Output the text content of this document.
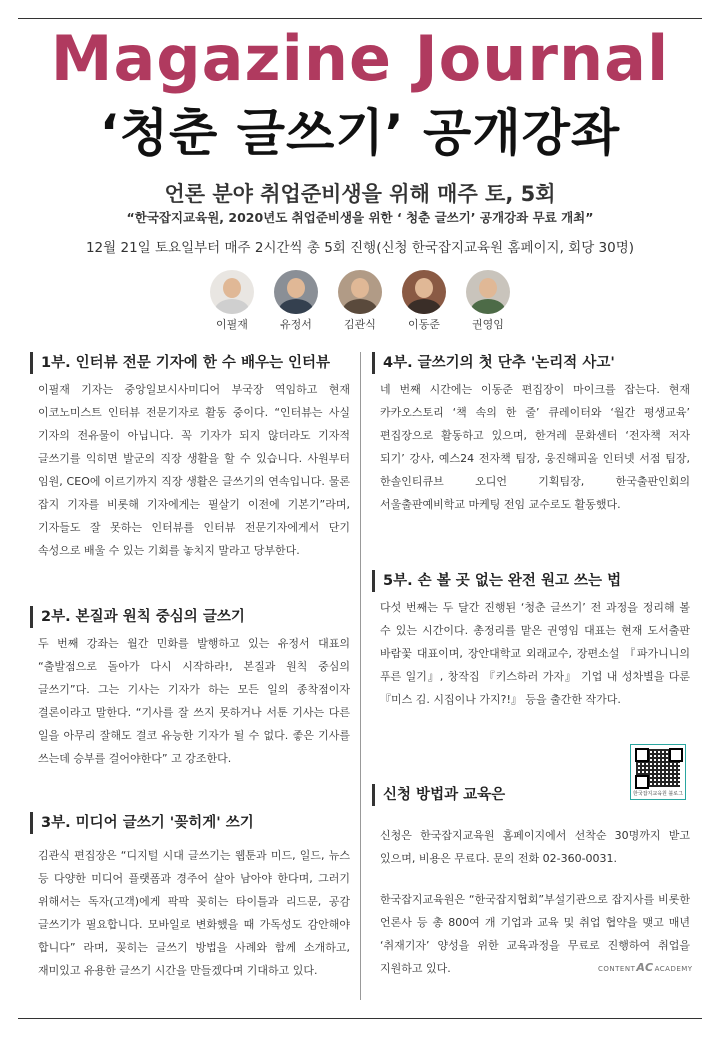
Magazine Journal
‘청춘 글쓰기’ 공개강좌
언론 분야 취업준비생을 위해 매주 토, 5회
“한국잡지교육원, 2020년도 취업준비생을 위한 ‘ 청춘 글쓰기’ 공개강좌 무료 개최”
12월 21일 토요일부터 매주 2시간씩 총 5회 진행(신청 한국잡지교육원 홈페이지, 회당 30명)
이필재	유정서	김관식	이동준	권영임
1부. 인터뷰 전문 기자에 한 수 배우는 인터뷰
이필재 기자는 중앙일보시사미디어 부국장 역임하고 현재 이코노미스트 인터뷰 전문기자로 활동 중이다. “인터뷰는 사실 기자의 전유물이 아닙니다. 꼭 기자가 되지 않더라도 기자적 글쓰기를 익히면 발군의 직장 생활을 할 수 있습니다. 사원부터 임원, CEO에 이르기까지 직장 생활은 글쓰기의 연속입니다. 물론 잡지 기자를 비롯해 기자에게는 필살기 이전에 기본기”라며, 기자들도 잘 못하는 인터뷰를 인터뷰 전문기자에게서 단기 속성으로 배울 수 있는 기회를 놓치지 말라고 당부한다.
2부. 본질과 원칙 중심의 글쓰기
두 번째 강좌는 월간 민화를 발행하고 있는 유정서 대표의 “출발점으로 돌아가 다시 시작하라!, 본질과 원칙 중심의 글쓰기”다. 그는 기사는 기자가 하는 모든 일의 종착점이자 결론이라고 말한다. “기사를 잘 쓰지 못하거나 서툰 기사는 다른 일을 아무리 잘해도 결코 유능한 기자가 될 수 없다. 좋은 기사를 쓰는데 승부를 걸어야한다” 고 강조한다.
3부. 미디어 글쓰기 '꽂히게' 쓰기
김관식 편집장은 “디지털 시대 글쓰기는 웹툰과 미드, 일드, 뉴스 등 다양한 미디어 플랫폼과 경주어 살아 남아야 한다며, 그러기 위해서는 독자(고객)에게 팍팍 꽂히는 타이틀과 리드문, 공감 글쓰기가 필요합니다. 모바일로 변화했을 때 가독성도 감안해야 합니다” 라며, 꽂히는 글쓰기 방법을 사례와 함께 소개하고, 재미있고 유용한 글쓰기 시간을 만들겠다며 기대하고 있다.
4부. 글쓰기의 첫 단추 '논리적 사고'
네 번째 시간에는 이동준 편집장이 마이크를 잡는다. 현재 카카오스토리 ‘책 속의 한 줄’ 큐레이터와 ‘월간 평생교육’ 편집장으로 활동하고 있으며, 한겨레 문화센터 ‘전자책 저자 되기’ 강사, 예스24 전자책 팀장, 웅진해피올 인터넷 서점 팀장, 한솔인티큐브 오디언 기획팀장, 한국출판인회의 서울출판예비학교 마케팅 전임 교수로도 활동했다.
5부. 손 볼 곳 없는 완전 원고 쓰는 법
다섯 번째는 두 달간 진행된 ‘청춘 글쓰기’ 전 과정을 정리해 볼 수 있는 시간이다. 총정리를 맡은 권영임 대표는 현재 도서출판 바람꽃 대표이며, 장안대학교 외래교수, 장편소설 『파가니니의 푸른 일기』, 창작집 『키스하러 가자』 기업 내 성차별을 다룬『미스 김. 시집이나 가지?!』 등을 출간한 작가다.
한국잡지교육원 블로그
신청 방법과 교육은
신청은 한국잡지교육원 홈페이지에서 선착순 30명까지 받고 있으며, 비용은 무료다. 문의 전화 02-360-0031.
한국잡지교육원은 “한국잡지협회”부설기관으로 잡지사를 비롯한 언론사 등 총 800여 개 기업과 교육 및 취업 협약을 맺고 매년 ‘취재기자’ 양성을 위한 교육과정을 무료로 진행하여 취업을 지원하고 있다.	CONTENTACACADEMY
